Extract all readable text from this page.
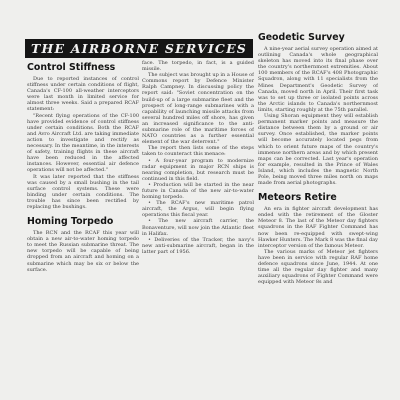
THE AIRBORNE SERVICES
Control Stiffness

Due to reported instances of control stiffness under certain conditions of flight, Canada's CF-100 all-weather interceptors were last month in limited service for almost three weeks. Said a prepared RCAF statement:

"Recent flying operations of the CF-100 have provided evidence of control stiffness under certain conditions. Both the RCAF and Avro Aircraft Ltd. are taking immediate action to investigate and rectify as necessary. In the meantime, in the interests of safety, training flights in these aircraft have been reduced in the affected instances. However, essential air defence operations will not be affected."

It was later reported that the stiffness was caused by a small bushing in the tail surface control systems. These were binding under certain conditions. The trouble has since been rectified by replacing the bushings.

Homing Torpedo

The RCN and the RCAF this year will obtain a new air-to-water homing torpedo to meet the Russian submarine threat. The new torpedo will be capable of being dropped from an aircraft and homing on a submarine which may be six or below the surface.

face. The torpedo, in fact, is a guided missile.

The subject was brought up in a House of Commons report by Defence Minister Ralph Campney. In discussing policy the report said: "Soviet concentration on the build-up of a large submarine fleet and the prospect of long-range submarines with a capability of launching missile attacks from several hundred miles off shore, has given an increased significance to the anti-submarine role of the maritime forces of NATO countries as a further essential element of the war deterrent."

The report then lists some of the steps taken to counteract this menace:

• A four-year program to modernize radar equipment in major RCN ships is nearing completion, but research must be continued in this field.

• Production will be started in the near future in Canada of the new air-to-water homing torpedo.

• The RCAF's new maritime patrol aircraft, the Argus, will begin flying operations this fiscal year.

• The new aircraft carrier, the Bonaventure, will now join the Atlantic fleet in Halifax.

• Deliveries of the Tracker, the navy's new anti-submarine aircraft, began in the latter part of 1956.

Geodetic Survey

A nine-year aerial survey operation aimed at outlining Canada's whole geographical skeleton has moved into its final phase over the country's northernmost extremities. About 100 members of the RCAF's 408 Photographic Squadron, along with 11 specialists from the Mines Department's Geodetic Survey of Canada, moved north in April. Their first task was to set up three or isolated points across the Arctic islands to Canada's northernmost limits, starting roughly at the 75th parallel.

Using Shoran equipment they will establish permanent marker points and measure the distance between them by a ground or air survey. Once established, the marker points will become accurately located pegs from which to orient future maps of the country's immense northern areas and by which present maps can be corrected. Last year's operation for example, resulted in the Prince of Wales Island, which includes the magnetic North Pole, being moved three miles north on maps made from aerial photographs.

Meteors Retire

An era in fighter aircraft development has ended with the retirement of the Gloster Meteor 8. The last of the Meteor day fighters squadrons in the RAF Fighter Command has now been re-equipped with swept-wing Hawker Hunters. The Mark 8 was the final day interceptor version of the famous Meteor.

The various marks of Meteor jet fighters have been in service with regular RAF home defence squadrons since June, 1944. At one time all the regular day fighter and many auxiliary squadrons of Fighter Command were equipped with Meteor 8s and
